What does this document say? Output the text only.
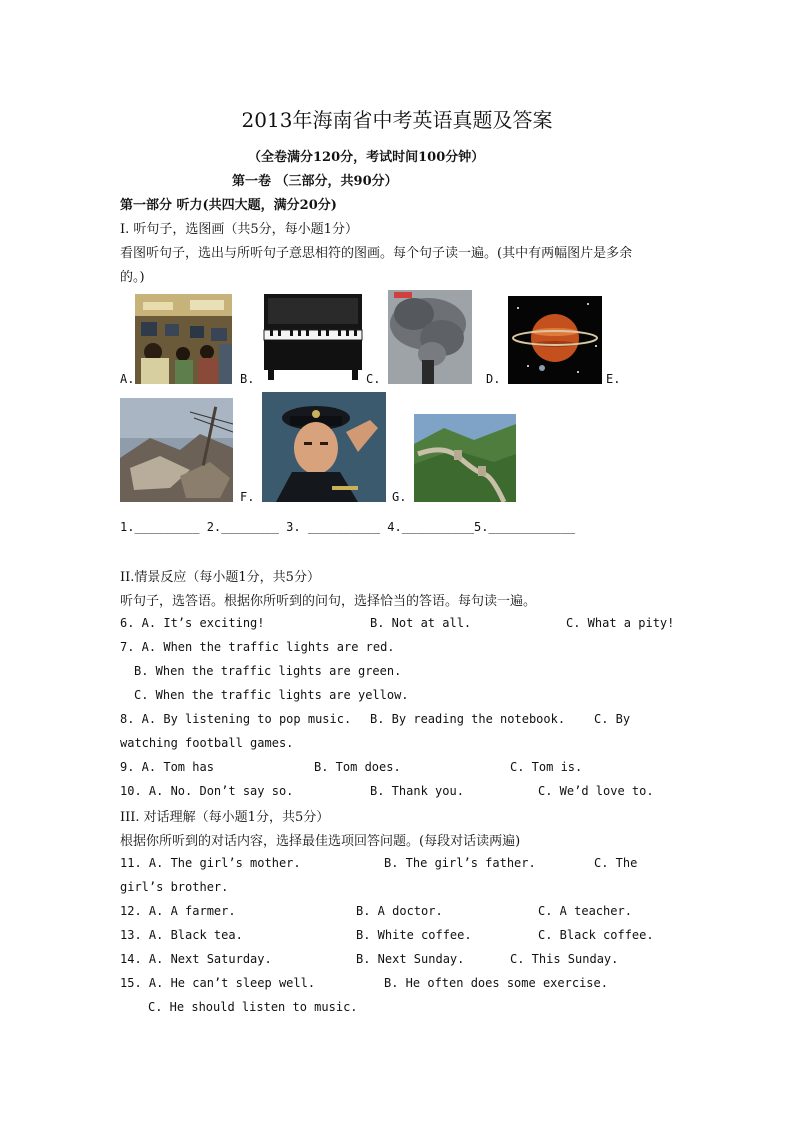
2013年海南省中考英语真题及答案
（全卷满分120分，考试时间100分钟）
第一卷 （三部分，共90分）
第一部分 听力(共四大题，满分20分)
I. 听句子，选图画（共5分，每小题1分）
看图听句子，选出与所听句子意思相符的图画。每个句子读一遍。(其中有两幅图片是多余
的。)
A.	B.	C.	D.	E.
F.	G.
1._________ 2.________ 3. __________ 4.__________5.____________
II.情景反应（每小题1分，共5分）
听句子，选答语。根据你所听到的问句，选择恰当的答语。每句读一遍。
6. A. It’s exciting!	B. Not at all.	C. What a pity!
7. A. When the traffic lights are red.
B. When the traffic lights are green.
C. When the traffic lights are yellow.
8. A. By listening to pop music. B. By reading the notebook. C. By
watching football games.
9. A. Tom has	B. Tom does.	C. Tom is.
10. A. No. Don’t say so.	B. Thank you.	C. We’d love to.
III. 对话理解（每小题1分，共5分）
根据你所听到的对话内容，选择最佳选项回答问题。(每段对话读两遍)
11. A. The girl’s mother.	B. The girl’s father.	C. The
girl’s brother.
12. A. A farmer.	B. A doctor.	C. A teacher.
13. A. Black tea.	B. White coffee.	C. Black coffee.
14. A. Next Saturday.	B. Next Sunday.	C. This Sunday.
15. A. He can’t sleep well.	B. He often does some exercise.
C. He should listen to music.
